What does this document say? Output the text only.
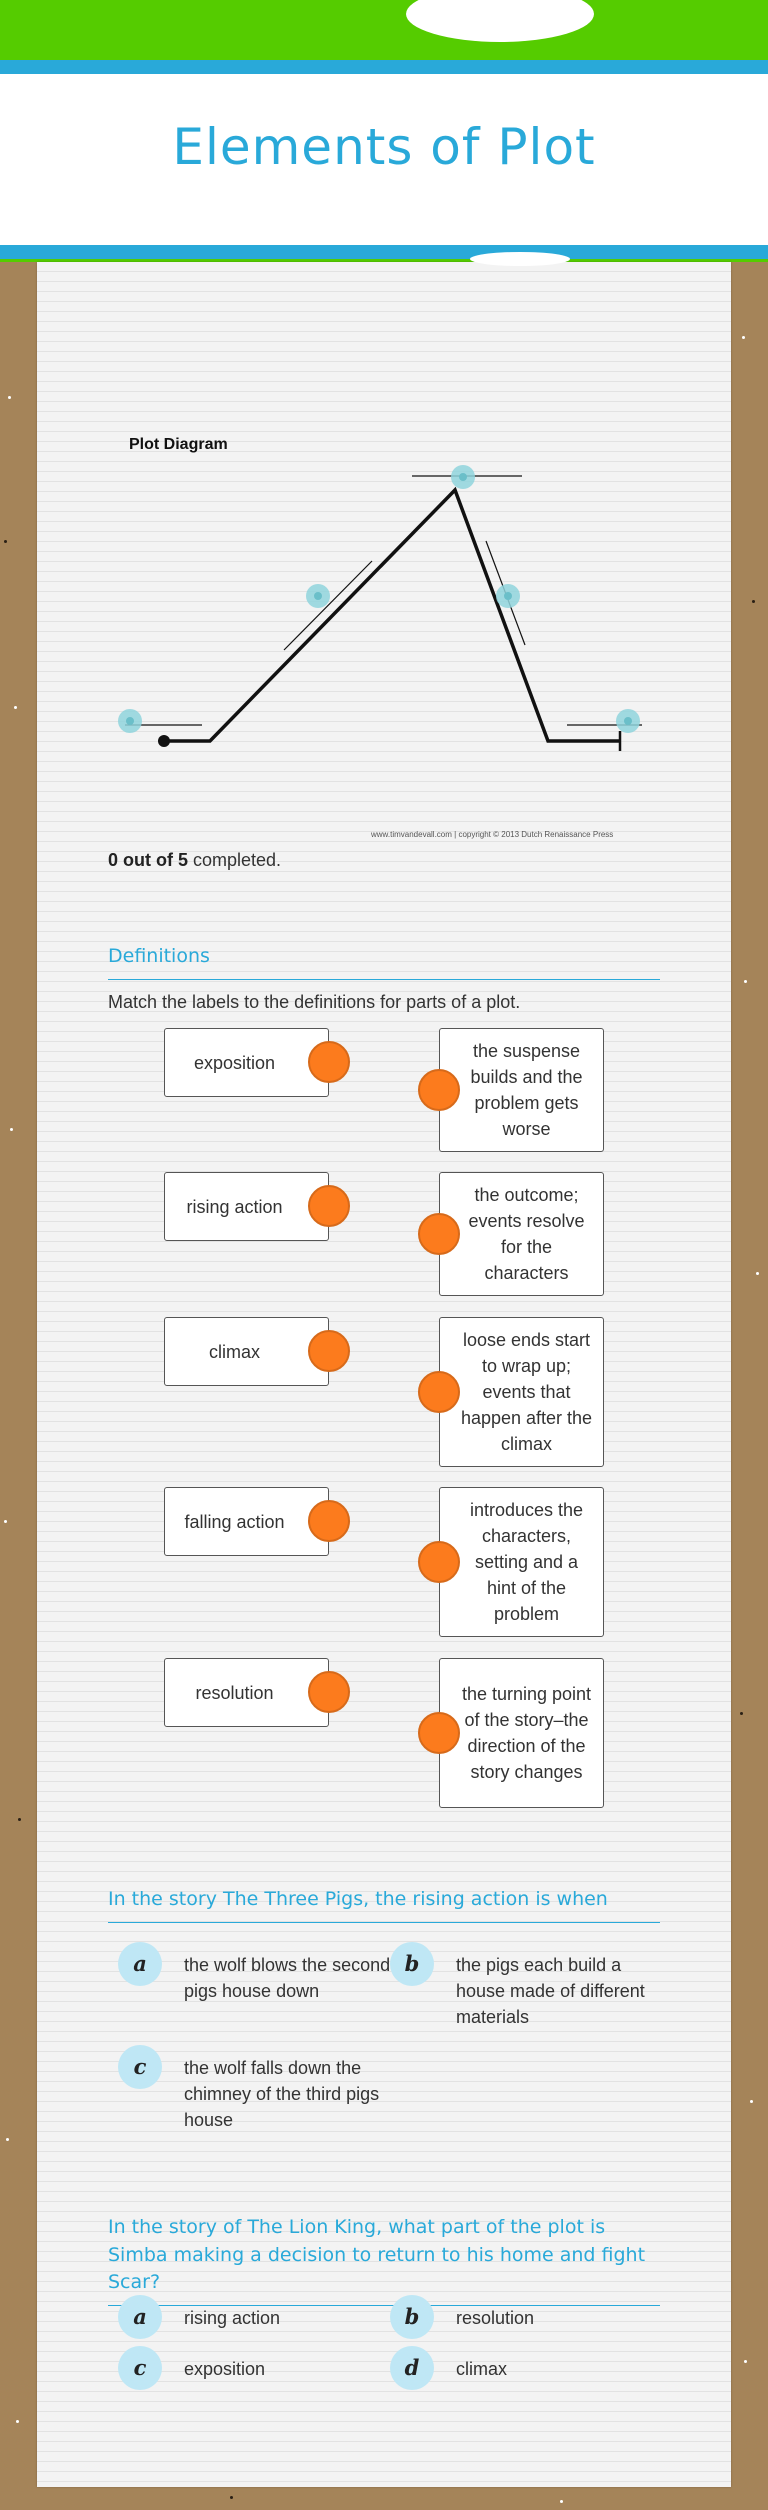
Elements of Plot
Plot Diagram
www.timvandevall.com | copyright © 2013 Dutch Renaissance Press
0 out of 5 completed.
Definitions
Match the labels to the definitions for parts of a plot.
exposition
rising action
climax
falling action
resolution
the suspense builds and the problem gets worse
the outcome; events resolve for the characters
loose ends start to wrap up; events that happen after the climax
introduces the characters, setting and a hint of the problem
the turning point of the story–the direction of the story changes
In the story The Three Pigs, the rising action is when
a	the wolf blows the second pigs house down
b	the pigs each build a house made of different materials
c	the wolf falls down the chimney of the third pigs house
In the story of The Lion King, what part of the plot is Simba making a decision to return to his home and fight Scar?
a	rising action	b	resolution
c	exposition	d	climax
